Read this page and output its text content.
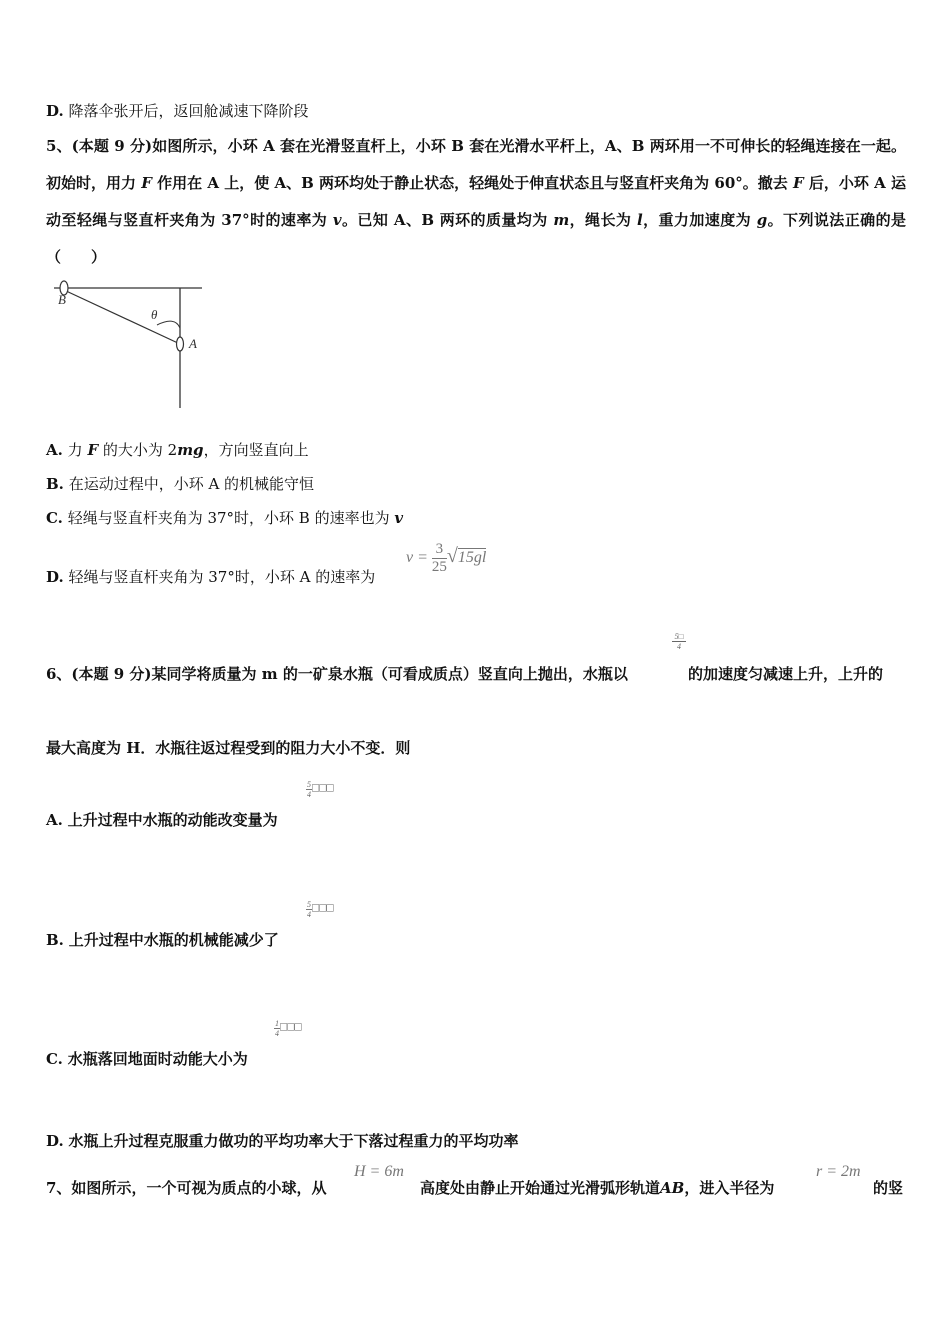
D. 降落伞张开后，返回舱减速下降阶段
5、(本题 9 分)如图所示，小环 A 套在光滑竖直杆上，小环 B 套在光滑水平杆上，A、B 两环用一不可伸长的轻绳连接在一起。初始时，用力 F 作用在 A 上，使 A、B 两环均处于静止状态，轻绳处于伸直状态且与竖直杆夹角为 60°。撤去 F 后，小环 A 运动至轻绳与竖直杆夹角为 37°时的速率为 v。已知 A、B 两环的质量均为 m，绳长为 l，重力加速度为 g。下列说法正确的是（　　）
B
A
θ
A. 力 F 的大小为 2mg，方向竖直向上
B. 在运动过程中，小环 A 的机械能守恒
C. 轻绳与竖直杆夹角为 37°时，小环 B 的速率也为 v
D. 轻绳与竖直杆夹角为 37°时，小环 A 的速率为
$v = \frac{3}{25} √15gl$
6、(本题 9 分)某同学将质量为 m 的一矿泉水瓶（可看成质点）竖直向上抛出，水瓶以
$\frac{5□}{4}$
的加速度匀减速上升，上升的
最大高度为 H．水瓶往返过程受到的阻力大小不变．则
$\frac{5}{4}$ □□□
A. 上升过程中水瓶的动能改变量为
$\frac{5}{4}$ □□□
B. 上升过程中水瓶的机械能减少了
$\frac{1}{4}$ □□□
C. 水瓶落回地面时动能大小为
D. 水瓶上升过程克服重力做功的平均功率大于下落过程重力的平均功率
7、如图所示，一个可视为质点的小球，从
H = 6m
高度处由静止开始通过光滑弧形轨道AB，进入半径为
r = 2m
的竖
